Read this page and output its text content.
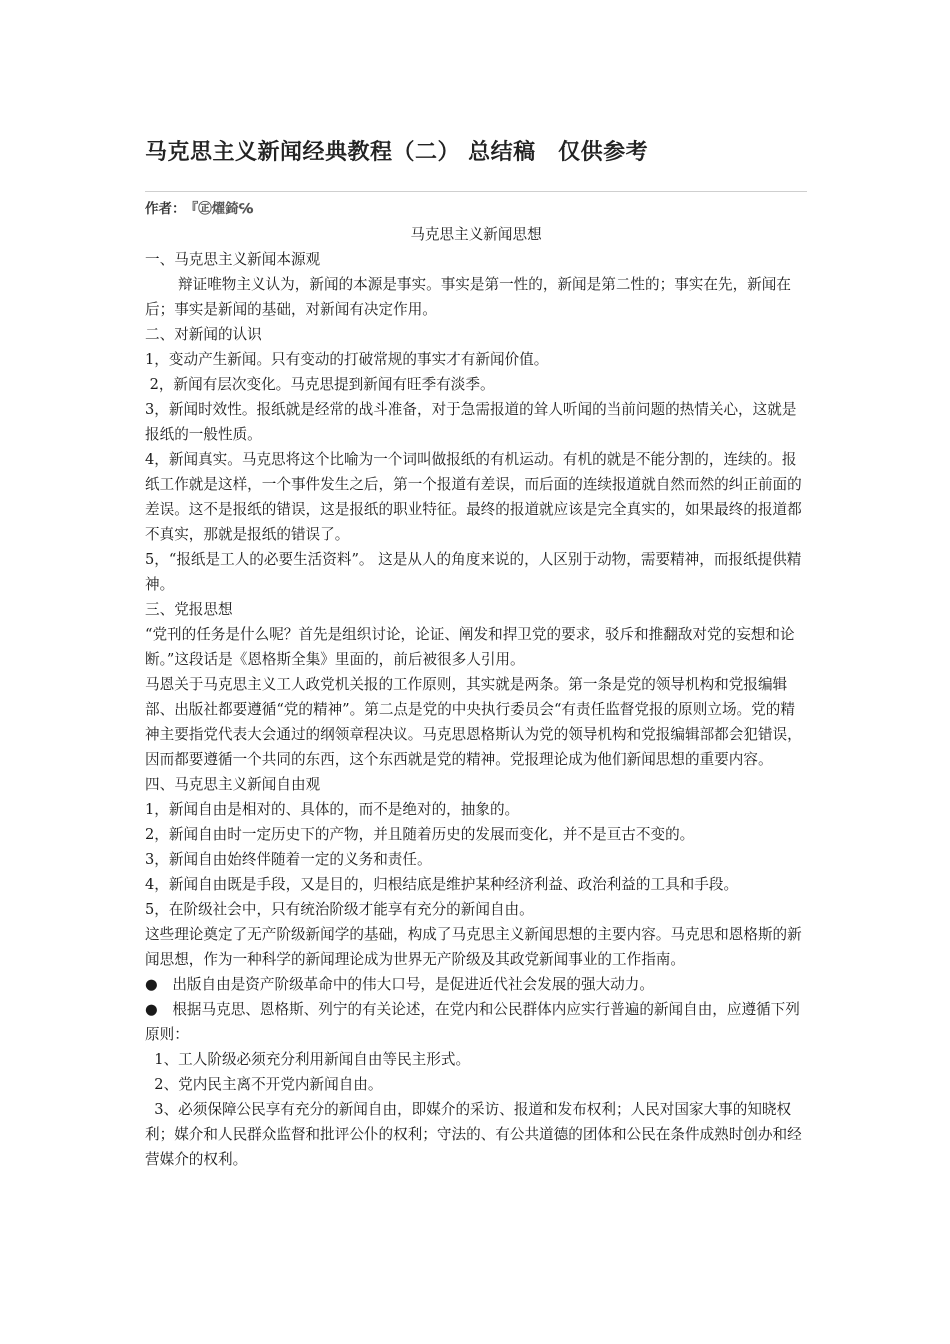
马克思主义新闻经典教程（二） 总结稿　仅供参考
作者： 『㊣燿錡℅

马克思主义新闻思想

一、马克思主义新闻本源观

辩证唯物主义认为，新闻的本源是事实。事实是第一性的，新闻是第二性的；事实在先，新闻在后；事实是新闻的基础，对新闻有决定作用。

二、对新闻的认识

1，变动产生新闻。只有变动的打破常规的事实才有新闻价值。

2，新闻有层次变化。马克思提到新闻有旺季有淡季。

3，新闻时效性。报纸就是经常的战斗准备，对于急需报道的耸人听闻的当前问题的热情关心，这就是报纸的一般性质。

4，新闻真实。马克思将这个比喻为一个词叫做报纸的有机运动。有机的就是不能分割的，连续的。报纸工作就是这样，一个事件发生之后，第一个报道有差误，而后面的连续报道就自然而然的纠正前面的差误。这不是报纸的错误，这是报纸的职业特征。最终的报道就应该是完全真实的，如果最终的报道都不真实，那就是报纸的错误了。

5，“报纸是工人的必要生活资料”。 这是从人的角度来说的，人区别于动物，需要精神，而报纸提供精神。

三、党报思想

“党刊的任务是什么呢？首先是组织讨论，论证、阐发和捍卫党的要求，驳斥和推翻敌对党的妄想和论断。”这段话是《恩格斯全集》里面的，前后被很多人引用。

马恩关于马克思主义工人政党机关报的工作原则，其实就是两条。第一条是党的领导机构和党报编辑部、出版社都要遵循“党的精神”。第二点是党的中央执行委员会“有责任监督党报的原则立场。党的精神主要指党代表大会通过的纲领章程决议。马克思恩格斯认为党的领导机构和党报编辑部都会犯错误，因而都要遵循一个共同的东西，这个东西就是党的精神。党报理论成为他们新闻思想的重要内容。

四、马克思主义新闻自由观

1，新闻自由是相对的、具体的，而不是绝对的，抽象的。

2，新闻自由时一定历史下的产物，并且随着历史的发展而变化，并不是亘古不变的。

3，新闻自由始终伴随着一定的义务和责任。

4，新闻自由既是手段，又是目的，归根结底是维护某种经济利益、政治利益的工具和手段。

5，在阶级社会中，只有统治阶级才能享有充分的新闻自由。

这些理论奠定了无产阶级新闻学的基础，构成了马克思主义新闻思想的主要内容。马克思和恩格斯的新闻思想，作为一种科学的新闻理论成为世界无产阶级及其政党新闻事业的工作指南。

●　出版自由是资产阶级革命中的伟大口号，是促进近代社会发展的强大动力。

●　根据马克思、恩格斯、列宁的有关论述，在党内和公民群体内应实行普遍的新闻自由，应遵循下列原则：

1、工人阶级必须充分利用新闻自由等民主形式。

2、党内民主离不开党内新闻自由。

3、必须保障公民享有充分的新闻自由，即媒介的采访、报道和发布权利；人民对国家大事的知晓权利；媒介和人民群众监督和批评公仆的权利；守法的、有公共道德的团体和公民在条件成熟时创办和经营媒介的权利。
